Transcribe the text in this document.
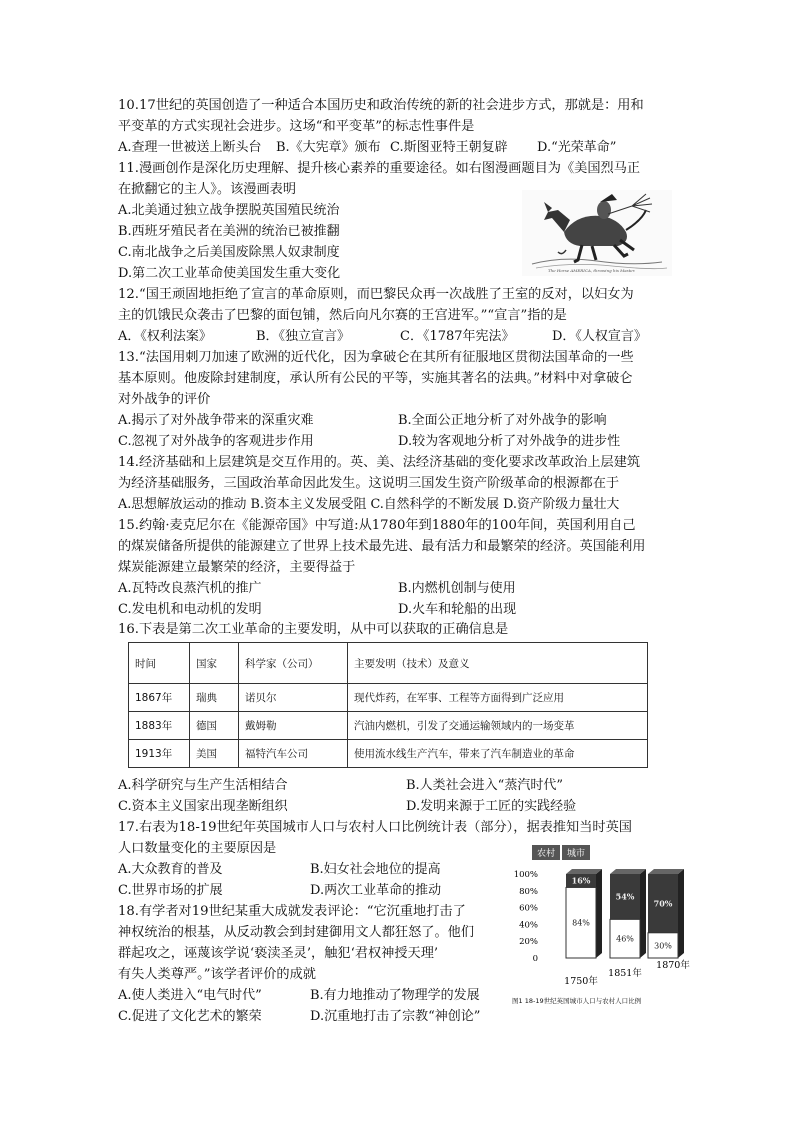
10.17世纪的英国创造了一种适合本国历史和政治传统的新的社会进步方式，那就是：用和
平变革的方式实现社会进步。这场“和平变革”的标志性事件是
A.查理一世被送上断头台 B.《大宪章》颁布 C.斯图亚特王朝复辟 D.“光荣革命”
11.漫画创作是深化历史理解、提升核心素养的重要途径。如右图漫画题目为《美国烈马正
在掀翻它的主人》。该漫画表明
A.北美通过独立战争摆脱英国殖民统治
B.西班牙殖民者在美洲的统治已被推翻
C.南北战争之后美国废除黑人奴隶制度
D.第二次工业革命使美国发生重大变化	The Horse AMERICA, throwing his Master.
12.“国王顽固地拒绝了宣言的革命原则，而巴黎民众再一次战胜了王室的反对，以妇女为
主的饥饿民众袭击了巴黎的面包铺，然后向凡尔赛的王宫进军。”“宣言”指的是
A．《权利法案》	B．《独立宣言》	C．《1787年宪法》	D．《人权宣言》
13.“法国用刺刀加速了欧洲的近代化，因为拿破仑在其所有征服地区贯彻法国革命的一些
基本原则。他废除封建制度，承认所有公民的平等，实施其著名的法典。”材料中对拿破仑
对外战争的评价
A.揭示了对外战争带来的深重灾难	B.全面公正地分析了对外战争的影响
C.忽视了对外战争的客观进步作用	D.较为客观地分析了对外战争的进步性
14.经济基础和上层建筑是交互作用的。英、美、法经济基础的变化要求改革政治上层建筑
为经济基础服务，三国政治革命因此发生。这说明三国发生资产阶级革命的根源都在于
A.思想解放运动的推动 B.资本主义发展受阻 C.自然科学的不断发展 D.资产阶级力量壮大
15.约翰·麦克尼尔在《能源帝国》中写道:从1780年到1880年的100年间，英国利用自己
的煤炭储备所提供的能源建立了世界上技术最先进、最有活力和最繁荣的经济。英国能利用
煤炭能源建立最繁荣的经济，主要得益于
A.瓦特改良蒸汽机的推广	B.内燃机创制与使用
C.发电机和电动机的发明	D.火车和轮船的出现
16.下表是第二次工业革命的主要发明，从中可以获取的正确信息是
时间	国家	科学家（公司）	主要发明（技术）及意义
1867年	瑞典	诺贝尔	现代炸药，在军事、工程等方面得到广泛应用
1883年	德国	戴姆勒	汽油内燃机，引发了交通运输领域内的一场变革
1913年	美国	福特汽车公司	使用流水线生产汽车，带来了汽车制造业的革命
A.科学研究与生产生活相结合	B.人类社会进入“蒸汽时代”
C.资本主义国家出现垄断组织	D.发明来源于工匠的实践经验
17.右表为18-19世纪年英国城市人口与农村人口比例统计表（部分），据表推知当时英国
人口数量变化的主要原因是
A.大众教育的普及	B.妇女社会地位的提高
C.世界市场的扩展	D.两次工业革命的推动
18.有学者对19世纪某重大成就发表评论：“它沉重地打击了
神权统治的根基，从反动教会到封建御用文人都狂怒了。他们
群起攻之，诬蔑该学说‘亵渎圣灵’，触犯‘君权神授天理’
有失人类尊严。”该学者评价的成就
A.使人类进入“电气时代”	B.有力地推动了物理学的发展
C.促进了文化艺术的繁荣	D.沉重地打击了宗教“神创论”
农村 城市
0
20%
40%
60%
80%
100%
16%
84%
54%
46%
70%
30%
1750年
1851年
1870年
图1 18-19世纪英国城市人口与农村人口比例
